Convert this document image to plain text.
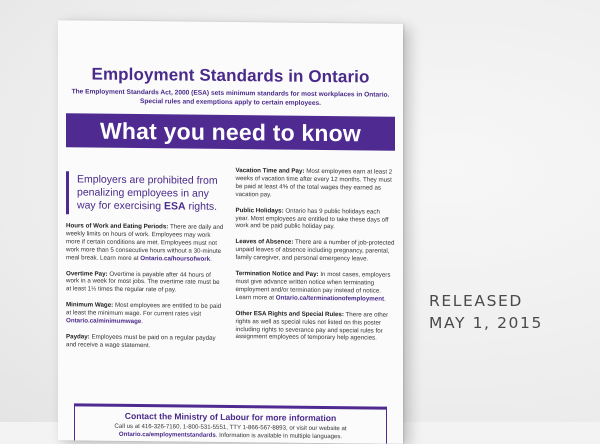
Employment Standards in Ontario
The Employment Standards Act, 2000 (ESA) sets minimum standards for most workplaces in Ontario. Special rules and exemptions apply to certain employees.
What you need to know
Employers are prohibited from penalizing employees in any way for exercising ESA rights.
Hours of Work and Eating Periods: There are daily and weekly limits on hours of work. Employees may work more if certain conditions are met. Employees must not work more than 5 consecutive hours without a 30-minute meal break. Learn more at Ontario.ca/hoursofwork.
Overtime Pay: Overtime is payable after 44 hours of work in a week for most jobs. The overtime rate must be at least 1½ times the regular rate of pay.
Minimum Wage: Most employees are entitled to be paid at least the minimum wage. For current rates visit Ontario.ca/minimumwage.
Payday: Employees must be paid on a regular payday and receive a wage statement.
Vacation Time and Pay: Most employees earn at least 2 weeks of vacation time after every 12 months. They must be paid at least 4% of the total wages they earned as vacation pay.
Public Holidays: Ontario has 9 public holidays each year. Most employees are entitled to take these days off work and be paid public holiday pay.
Leaves of Absence: There are a number of job-protected unpaid leaves of absence including pregnancy, parental, family caregiver, and personal emergency leave.
Termination Notice and Pay: In most cases, employers must give advance written notice when terminating employment and/or termination pay instead of notice. Learn more at Ontario.ca/terminationofemployment.
Other ESA Rights and Special Rules: There are other rights as well as special rules not listed on this poster including rights to severance pay and special rules for assignment employees of temporary help agencies.
Contact the Ministry of Labour for more information
Call us at 416-326-7160, 1-800-531-5551, TTY 1-866-567-8893, or visit our website at
Ontario.ca/employmentstandards. Information is available in multiple languages.
RELEASED
MAY 1, 2015
